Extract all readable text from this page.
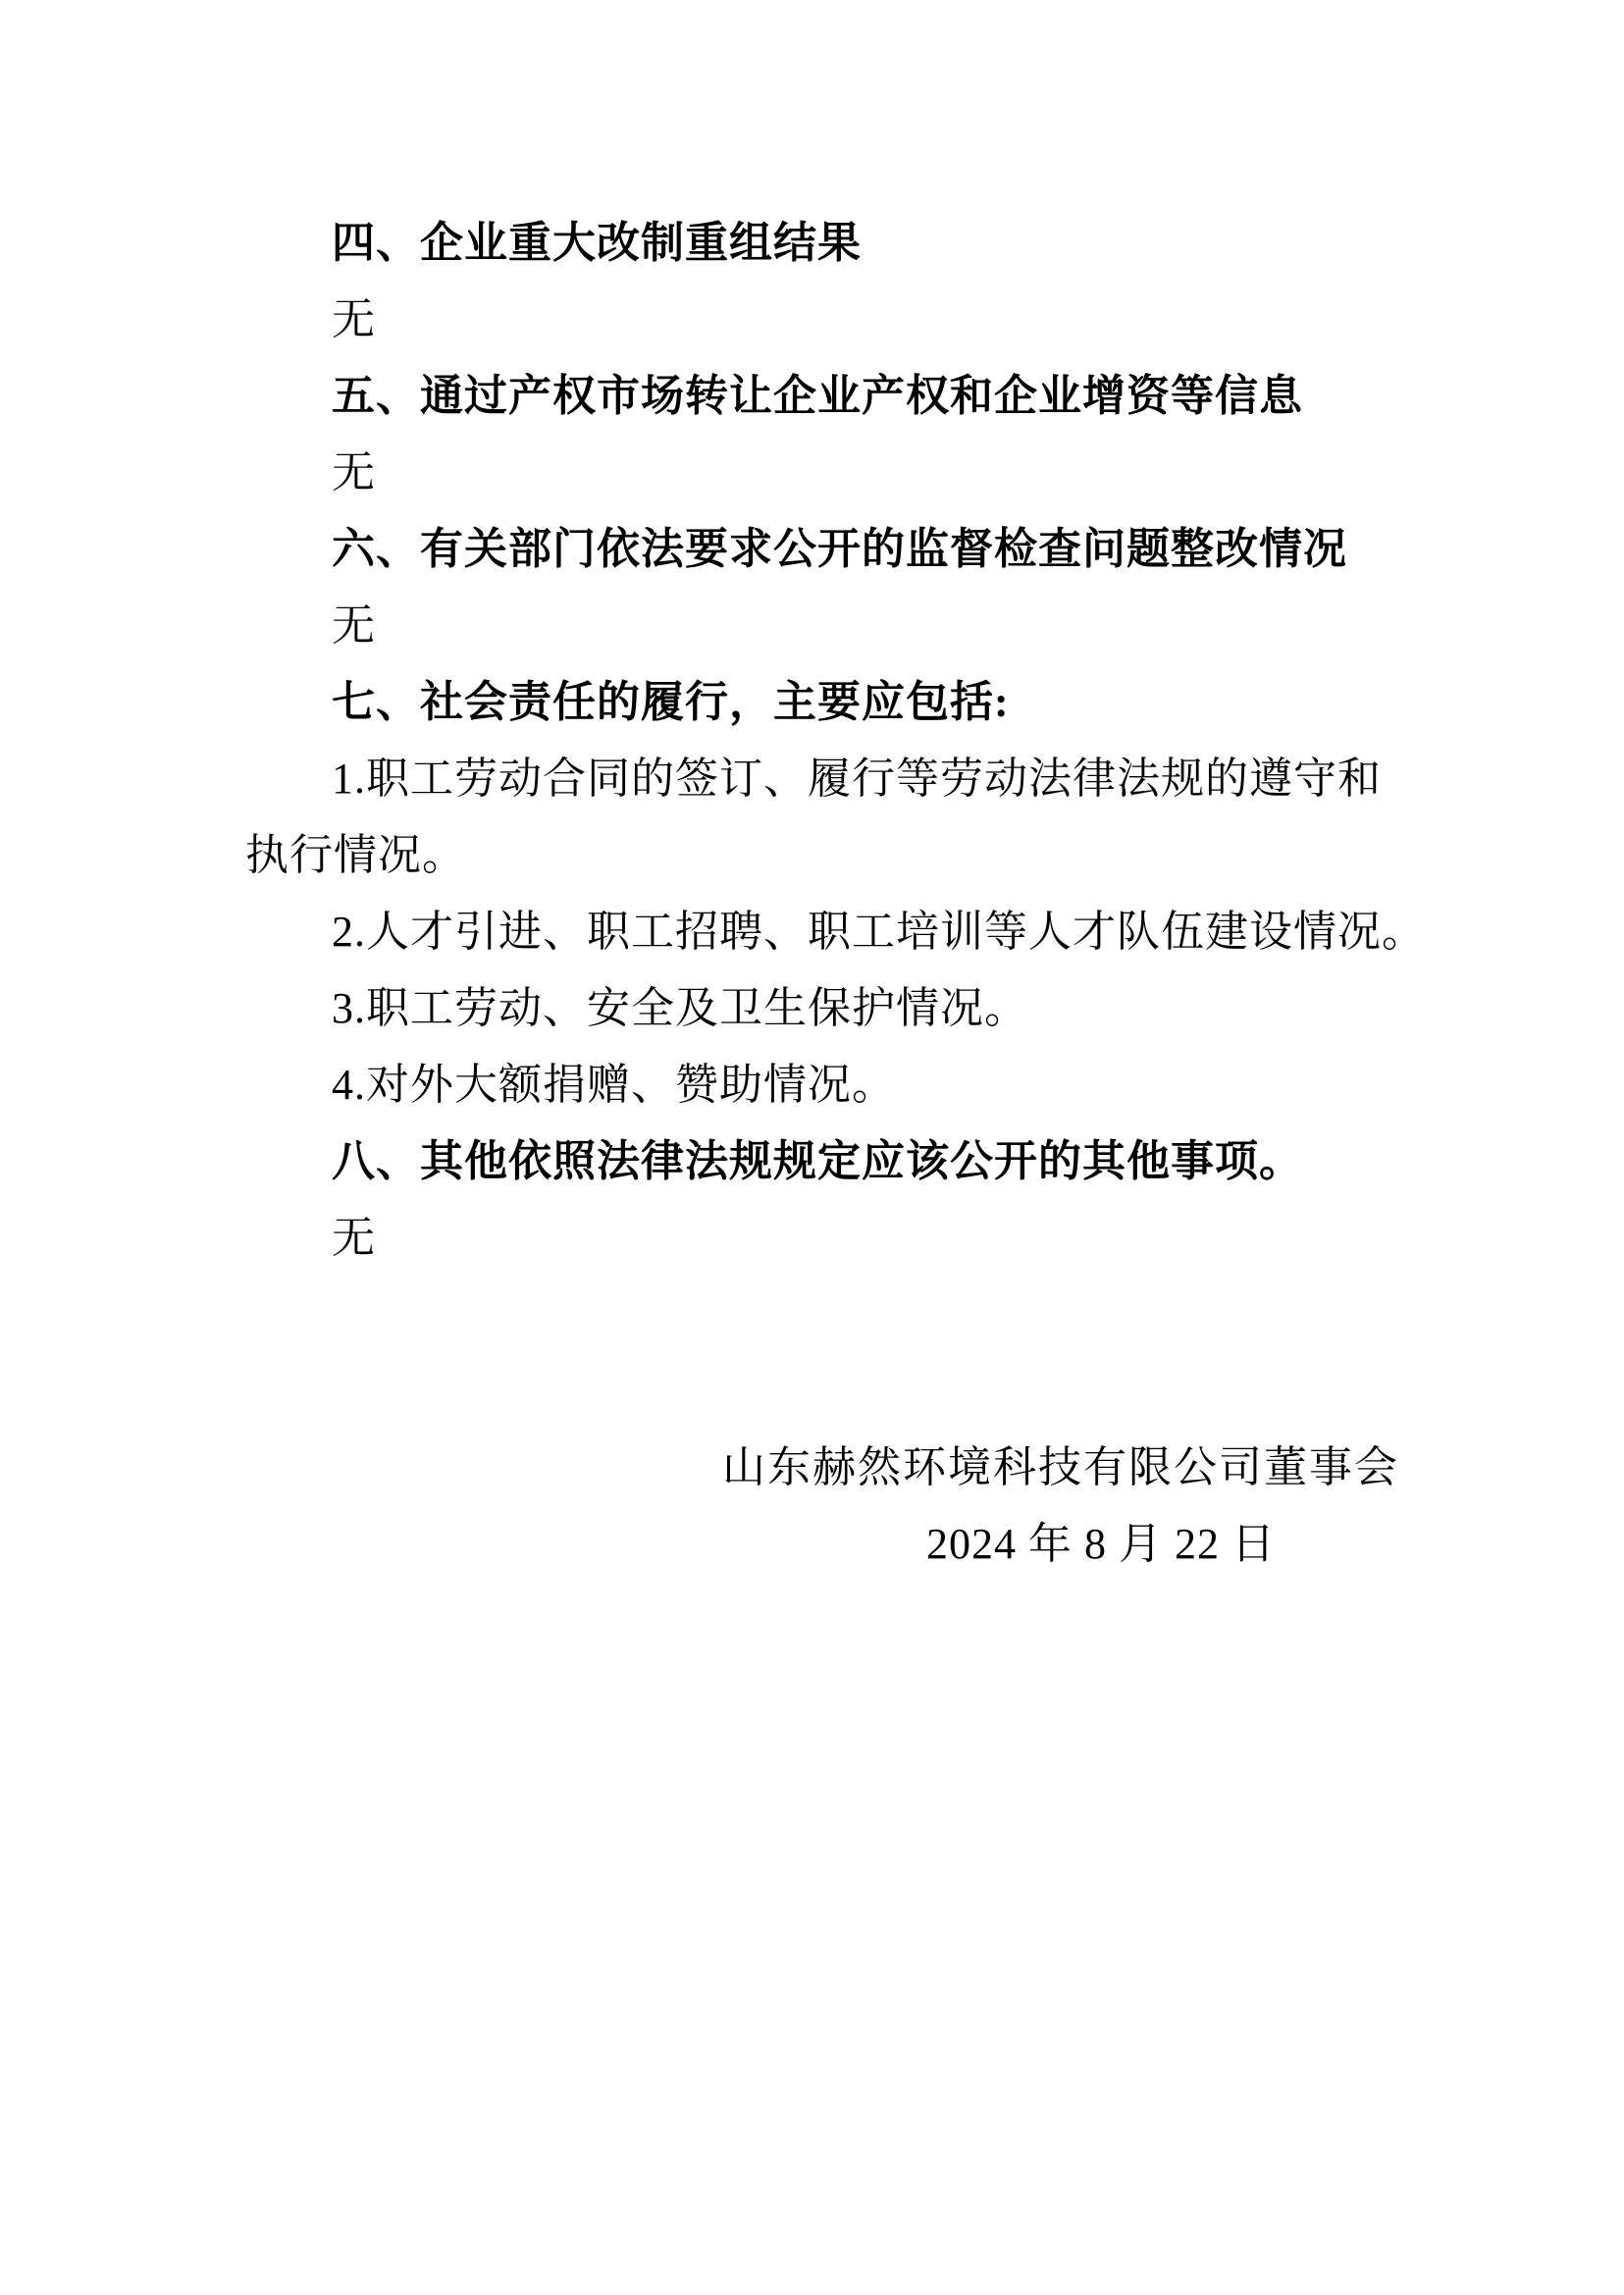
四、企业重大改制重组结果

无

五、通过产权市场转让企业产权和企业增资等信息

无

六、有关部门依法要求公开的监督检查问题整改情况

无

七、社会责任的履行，主要应包括:

1.职工劳动合同的签订、履行等劳动法律法规的遵守和

执行情况。

2.人才引进、职工招聘、职工培训等人才队伍建设情况。

3.职工劳动、安全及卫生保护情况。

4.对外大额捐赠、赞助情况。

八、其他依照法律法规规定应该公开的其他事项。

无

山东赫然环境科技有限公司董事会

2024 年 8 月 22 日
